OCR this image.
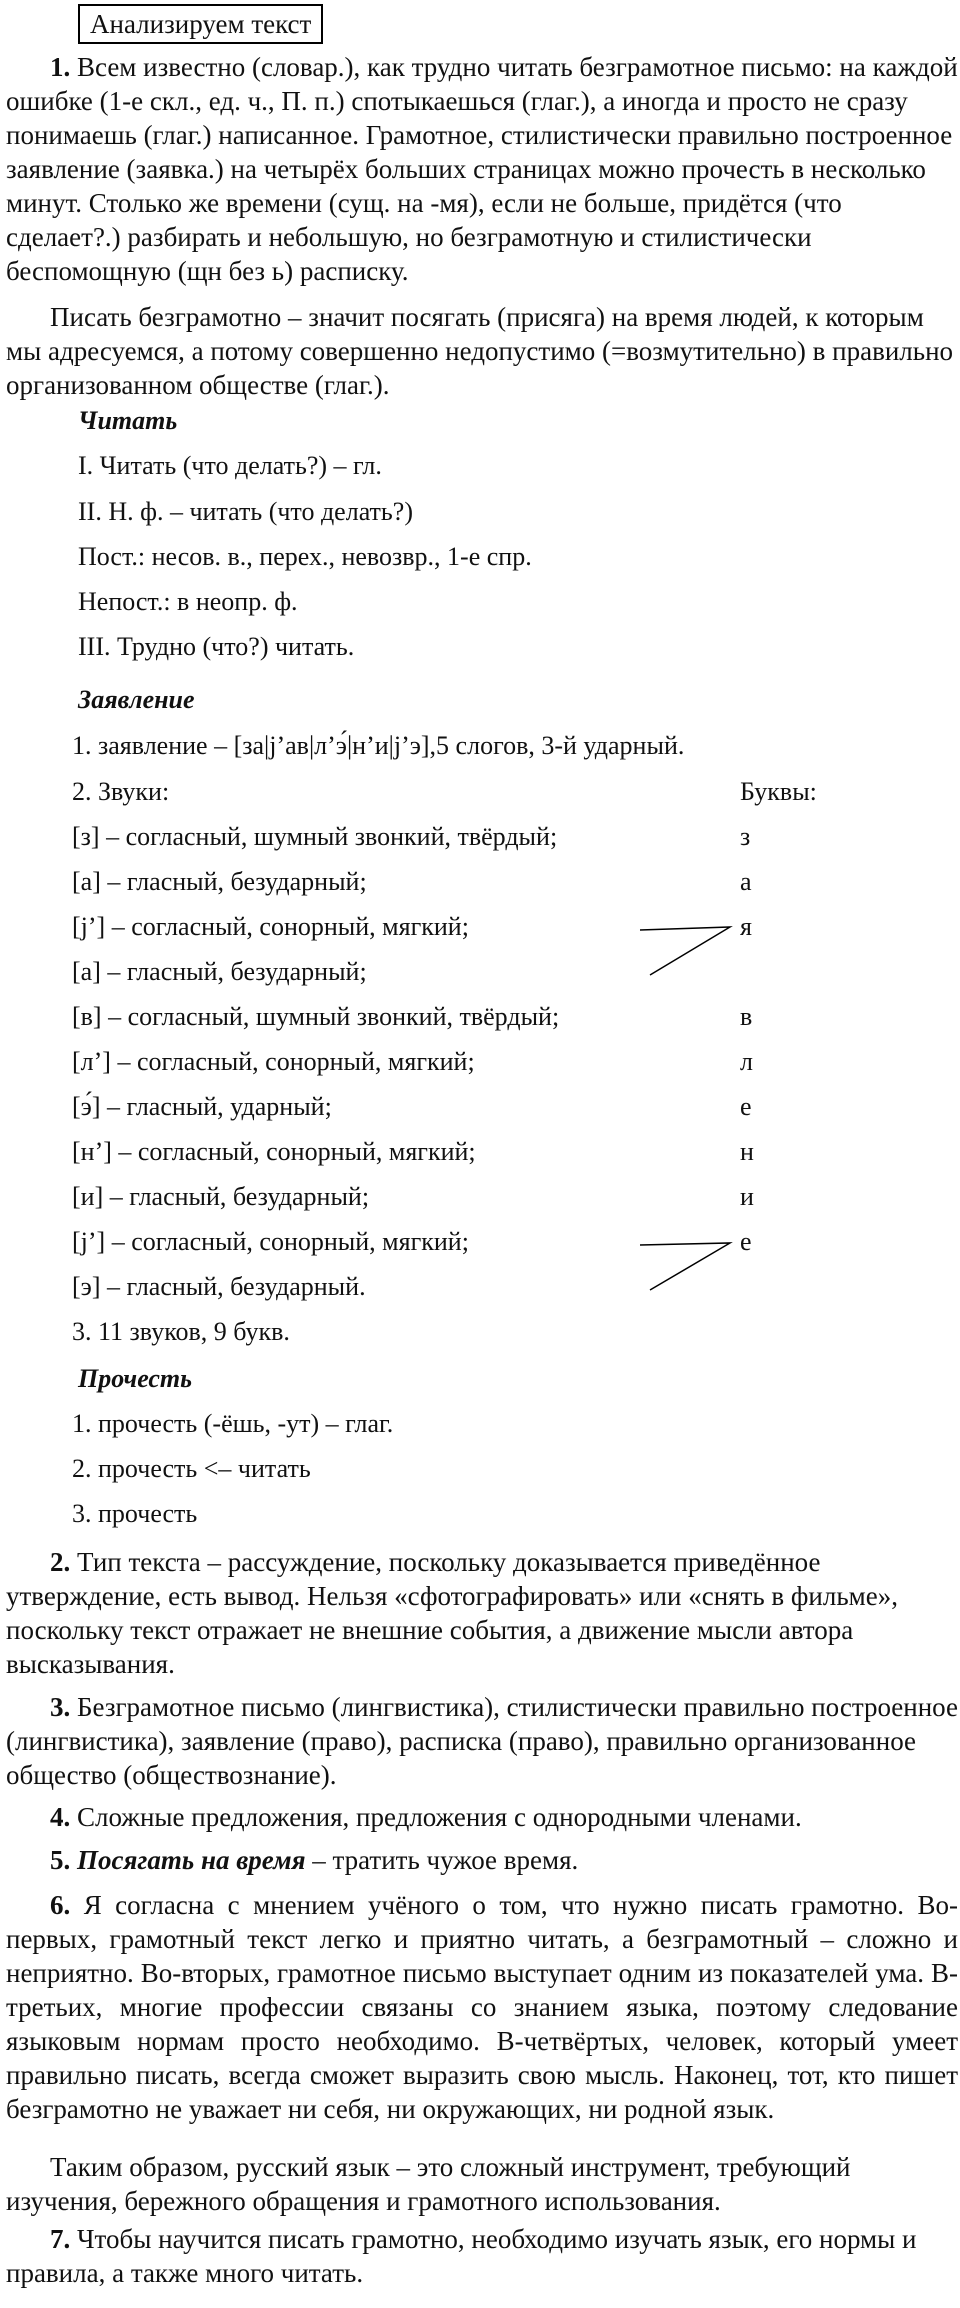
Анализируем текст

1. Всем известно (словар.), как трудно читать безграмотное письмо: на каждой ошибке (1-е скл., ед. ч., П. п.) спотыкаешься (глаг.), а иногда и просто не сразу понимаешь (глаг.) написанное. Грамотное, стилистически правильно построенное заявление (заявка.) на четырёх больших страницах можно прочесть в несколько минут. Столько же времени (сущ. на -мя), если не больше, придётся (что сделает?.) разбирать и небольшую, но безграмотную и стилистически беспомощную (щн без ь) расписку.

Писать безграмотно – значит посягать (присяга) на время людей, к которым мы адресуемся, а потому совершенно недопустимо (=возмутительно) в правильно организованном обществе (глаг.).

Читать
I. Читать (что делать?) – гл.
II. Н. ф. – читать (что делать?)
Пост.: несов. в., перех., невозвр., 1-е спр.
Непост.: в неопр. ф.
III. Трудно (что?) читать.
Заявление
1. заявление – [за|j’ав|л’э́|н’и|j’э],5 слогов, 3-й ударный.
2. Звуки:	Буквы:
[з] – согласный, шумный звонкий, твёрдый;
[а] – гласный, безударный;
[j’] – согласный, сонорный, мягкий;
[а] – гласный, безударный;
[в] – согласный, шумный звонкий, твёрдый;
[л’] – согласный, сонорный, мягкий;
[э́] – гласный, ударный;
[н’] – согласный, сонорный, мягкий;
[и] – гласный, безударный;
[j’] – согласный, сонорный, мягкий;
[э] – гласный, безударный.
з
а
я
в
л
е
н
и
е
3. 11 звуков, 9 букв.
Прочесть
1. прочесть (-ёшь, -ут) – глаг.
2. прочесть <– читать
3. прочесть

2. Тип текста – рассуждение, поскольку доказывается приведённое утверждение, есть вывод. Нельзя «сфотографировать» или «снять в фильме», поскольку текст отражает не внешние события, а движение мысли автора высказывания.

3. Безграмотное письмо (лингвистика), стилистически правильно построенное (лингвистика), заявление (право), расписка (право), правильно организованное общество (обществознание).

4. Сложные предложения, предложения с однородными членами.

5. Посягать на время – тратить чужое время.

6. Я согласна с мнением учёного о том, что нужно писать грамотно. Во-первых, грамотный текст легко и приятно читать, а безграмотный – сложно и неприятно. Во-вторых, грамотное письмо выступает одним из показателей ума. В-третьих, многие профессии связаны со знанием языка, поэтому следование языковым нормам просто необходимо. В-четвёртых, человек, который умеет правильно писать, всегда сможет выразить свою мысль. Наконец, тот, кто пишет безграмотно не уважает ни себя, ни окружающих, ни родной язык.

Таким образом, русский язык – это сложный инструмент, требующий изучения, бережного обращения и грамотного использования.

7. Чтобы научится писать грамотно, необходимо изучать язык, его нормы и правила, а также много читать.
